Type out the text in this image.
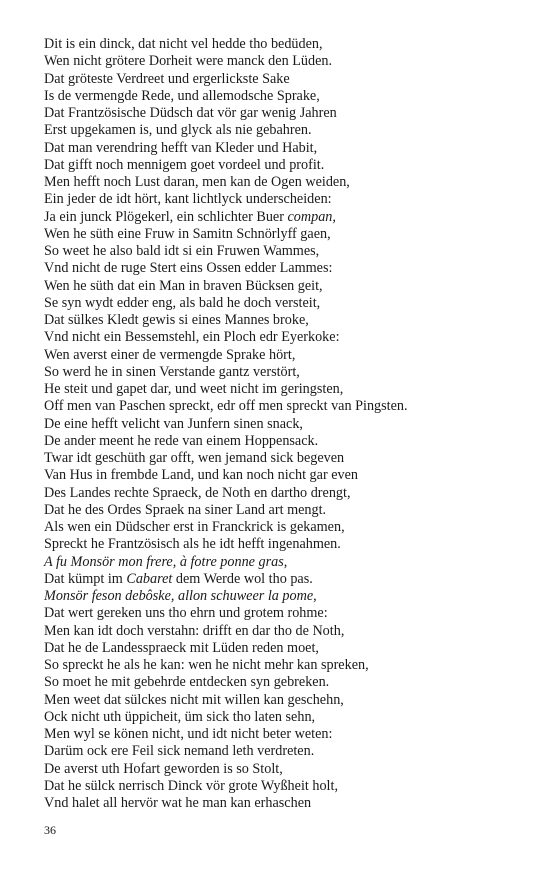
Dit is ein dinck, dat nicht vel hedde tho bedüden,
Wen nicht grötere Dorheit were manck den Lüden.
Dat gröteste Verdreet und ergerlickste Sake
Is de vermengde Rede, und allemodsche Sprake,
Dat Frantzösische Düdsch dat vör gar wenig Jahren
Erst upgekamen is, und glyck als nie gebahren.
Dat man verendring hefft van Kleder und Habit,
Dat gifft noch mennigem goet vordeel und profit.
Men hefft noch Lust daran, men kan de Ogen weiden,
Ein jeder de idt hört, kant lichtlyck underscheiden:
Ja ein junck Plögekerl, ein schlichter Buer compan,
Wen he süth eine Fruw in Samitn Schnörlyff gaen,
So weet he also bald idt si ein Fruwen Wammes,
Vnd nicht de ruge Stert eins Ossen edder Lammes:
Wen he süth dat ein Man in braven Bücksen geit,
Se syn wydt edder eng, als bald he doch versteit,
Dat sülkes Kledt gewis si eines Mannes broke,
Vnd nicht ein Bessemstehl, ein Ploch edr Eyerkoke:
Wen averst einer de vermengde Sprake hört,
So werd he in sinen Verstande gantz verstört,
He steit und gapet dar, und weet nicht im geringsten,
Off men van Paschen spreckt, edr off men spreckt van Pingsten.
De eine hefft velicht van Junfern sinen snack,
De ander meent he rede van einem Hoppensack.
Twar idt geschüth gar offt, wen jemand sick begeven
Van Hus in frembde Land, und kan noch nicht gar even
Des Landes rechte Spraeck, de Noth en dartho drengt,
Dat he des Ordes Spraek na siner Land art mengt.
Als wen ein Düdscher erst in Franckrick is gekamen,
Spreckt he Frantzösisch als he idt hefft ingenahmen.
A fu Monsör mon frere, à fotre ponne gras,
Dat kümpt im Cabaret dem Werde wol tho pas.
Monsör feson debôske, allon schuweer la pome,
Dat wert gereken uns tho ehrn und grotem rohme:
Men kan idt doch verstahn: drifft en dar tho de Noth,
Dat he de Landesspraeck mit Lüden reden moet,
So spreckt he als he kan: wen he nicht mehr kan spreken,
So moet he mit gebehrde entdecken syn gebreken.
Men weet dat sülckes nicht mit willen kan geschehn,
Ock nicht uth üppicheit, üm sick tho laten sehn,
Men wyl se könen nicht, und idt nicht beter weten:
Darüm ock ere Feil sick nemand leth verdreten.
De averst uth Hofart geworden is so Stolt,
Dat he sülck nerrisch Dinck vör grote Wyßheit holt,
Vnd halet all hervör wat he man kan erhaschen
36
